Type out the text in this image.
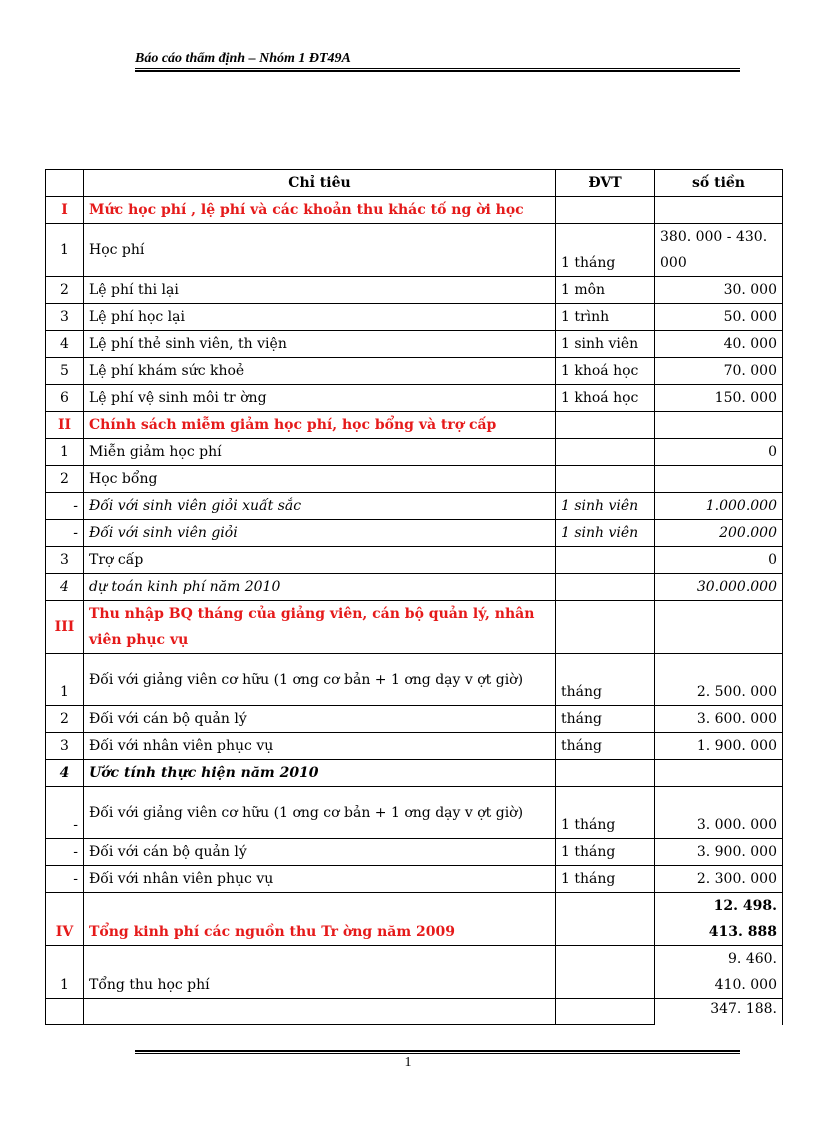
Báo cáo thẩm định – Nhóm 1 ĐT49A
	Chỉ tiêu	ĐVT	số tiền
I	Mức học phí , lệ phí và các khoản thu khác tố ng ời học		
1	Học phí	1 tháng	380. 000 - 430. 000
2	Lệ phí thi lại	1 môn	30. 000
3	Lệ phí học lại	1 trình	50. 000
4	Lệ phí thẻ sinh viên, th viện	1 sinh viên	40. 000
5	Lệ phí khám sức khoẻ	1 khoá học	70. 000
6	Lệ phí vệ sinh môi tr ờng	1 khoá học	150. 000
II	Chính sách miễm giảm học phí, học bổng và trợ cấp		
1	Miễn giảm học phí		0
2	Học bổng		
-	Đối với sinh viên giỏi xuất sắc	1 sinh viên	1.000.000
-	Đối với sinh viên giỏi	1 sinh viên	200.000
3	Trợ cấp		0
4	dự toán kinh phí năm 2010		30.000.000
III	Thu nhập BQ tháng của giảng viên, cán bộ quản lý, nhân viên phục vụ		
1	Đối với giảng viên cơ hữu (1 ơng cơ bản + 1 ơng dạy v ợt giờ)	tháng	2. 500. 000
2	Đối với cán bộ quản lý	tháng	3. 600. 000
3	Đối với nhân viên phục vụ	tháng	1. 900. 000
4	Ước tính thực hiện năm 2010		
-	Đối với giảng viên cơ hữu (1 ơng cơ bản + 1 ơng dạy v ợt giờ)	1 tháng	3. 000. 000
-	Đối với cán bộ quản lý	1 tháng	3. 900. 000
-	Đối với nhân viên phục vụ	1 tháng	2. 300. 000
IV	Tổng kinh phí các nguồn thu Tr ờng năm 2009		12. 498. 413. 888
1	Tổng thu học phí		9. 460. 410. 000
			347. 188.
1
